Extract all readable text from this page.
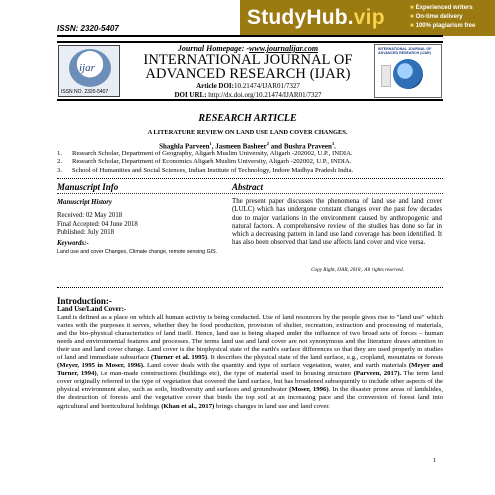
StudyHub.vip	■ Experienced writers
■ On-time delivery
■ 100% plagiarism free
ISSN: 2320-5407
ijar
ISSN NO. 2320-5407
Journal Homepage: -www.journalijar.com
INTERNATIONAL JOURNAL OF
ADVANCED RESEARCH (IJAR)
Article DOI:10.21474/IJAR01/7327
DOI URL: http://dx.doi.org/10.21474/IJAR01/7327
INTERNATIONAL JOURNAL OF ADVANCED RESEARCH (IJAR)
RESEARCH ARTICLE
A LITERATURE REVIEW ON LAND USE LAND COVER CHANGES.
Shaghla Parveen$^1$, Jasmeen Basheer$^2$ and Bushra Praveen$^3$.
1. Research Scholar, Department of Geography, Aligarh Muslim University, Aligarh -202002, U.P., INDIA.
2. Research Scholar, Department of Economics Aligarh Muslim University, Aligarh -202002, U.P., INDIA.
3. School of Humanities and Social Sciences, Indian Institute of Technology, Indore Madhya Pradesh India.
Manuscript Info	Abstract
Manuscript History
Received: 02 May 2018
Final Accepted: 04 June 2018
Published: July 2018
Keywords:-
Land use and cover Changes, Climate change, remote sensing GIS.
The present paper discusses the phenomena of land use and land cover (LULC) which has undergone constant changes over the past few decades due to major variations in the environment caused by anthropogenic and natural factors. A comprehensive review of the studies has done so far in which a decreasing pattern in land use land coverage has been identified. It has also been observed that land use affects land cover and vice versa.
Copy Right, IJAR, 2018,. All rights reserved.
Introduction:-
Land Use/Land Cover:-
Land is defined as a place on which all human activity is being conducted. Use of land resources by the people gives rise to "land use" which varies with the purposes it serves, whether they be food production, provision of shelter, recreation, extraction and processing of materials, and the bio-physical characteristics of land itself. Hence, land use is being shaped under the influence of two broad sets of forces – human needs and environmental features and processes. The terms land use and land cover are not synonymous and the literature draws attention to their use and land cover change. Land cover is the biophysical state of the earth's surface differences so that they are used properly in studies of land and immediate subsurface (Turner et al. 1995). It describes the physical state of the land surface, e.g., cropland, mountains or forests (Meyer, 1995 in Moser, 1996). Land cover deals with the quantity and type of surface vegetation, water, and earth materials (Meyer and Turner, 1994), i.e man-made constructions (buildings etc), the type of material used in housing structure (Parveen, 2017). The term land cover originally referred to the type of vegetation that covered the land surface, but has broadened subsequently to include other aspects of the physical environment also, such as soils, biodiversity and surfaces and groundwater (Moser, 1996). In the disaster prone areas of landslides, the destruction of forests and the vegetative cover that binds the top soil at an increasing pace and the conversion of forest land into agricultural and horticultural holdings (Khan et al., 2017) brings changes in land use and land cover.
1
